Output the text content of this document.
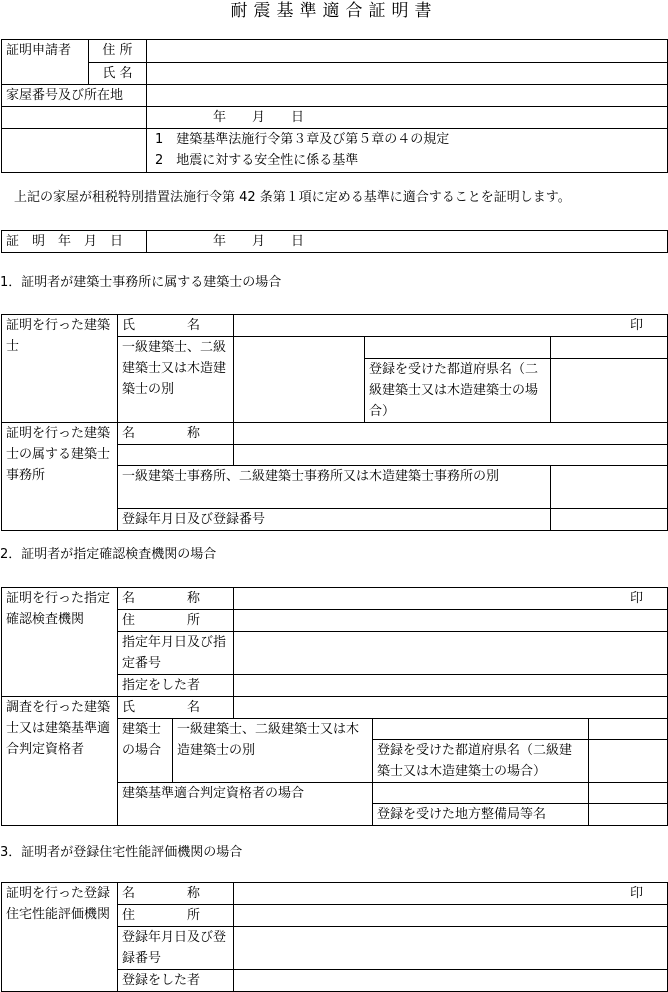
耐震基準適合証明書
証明申請者	住 所	
	氏 名	
家屋番号及び所在地		
		年　　月　　日

		1　建築基準法施行令第３章及び第５章の４の規定
2　地震に対する安全性に係る基準
上記の家屋が租税特別措置法施行令第 42 条第１項に定める基準に適合することを証明します。
証　明　年　月　日	年　　月　　日
1．証明者が建築士事務所に属する建築士の場合
証明を行った建築士	氏　　　　名	印		
	一級建築士、二級建築士又は木造建築士の別			
			登録を受けた都道府県名（二級建築士又は木造建築士の場合）	
証明を行った建築士の属する建築士事務所	名　　　　称			

	一級建築士事務所、二級建築士事務所又は木造建築士事務所の別			
	登録年月日及び登録番号			
2．証明者が指定確認検査機関の場合
証明を行った指定確認検査機関	名　　　　称		印		
	住　　　　所				
	指定年月日及び指定番号				
	指定をした者				
調査を行った建築士又は建築基準適合判定資格者	氏　　　　名				
	建築士の場合	一級建築士、二級建築士又は木造建築士の別			
				登録を受けた都道府県名（二級建築士又は木造建築士の場合）	
	建築基準適合判定資格者の場合				
				登録を受けた地方整備局等名	
3．証明者が登録住宅性能評価機関の場合
証明を行った登録住宅性能評価機関	名　　　　称	印
	住　　　　所	
	登録年月日及び登録番号	
	登録をした者	
